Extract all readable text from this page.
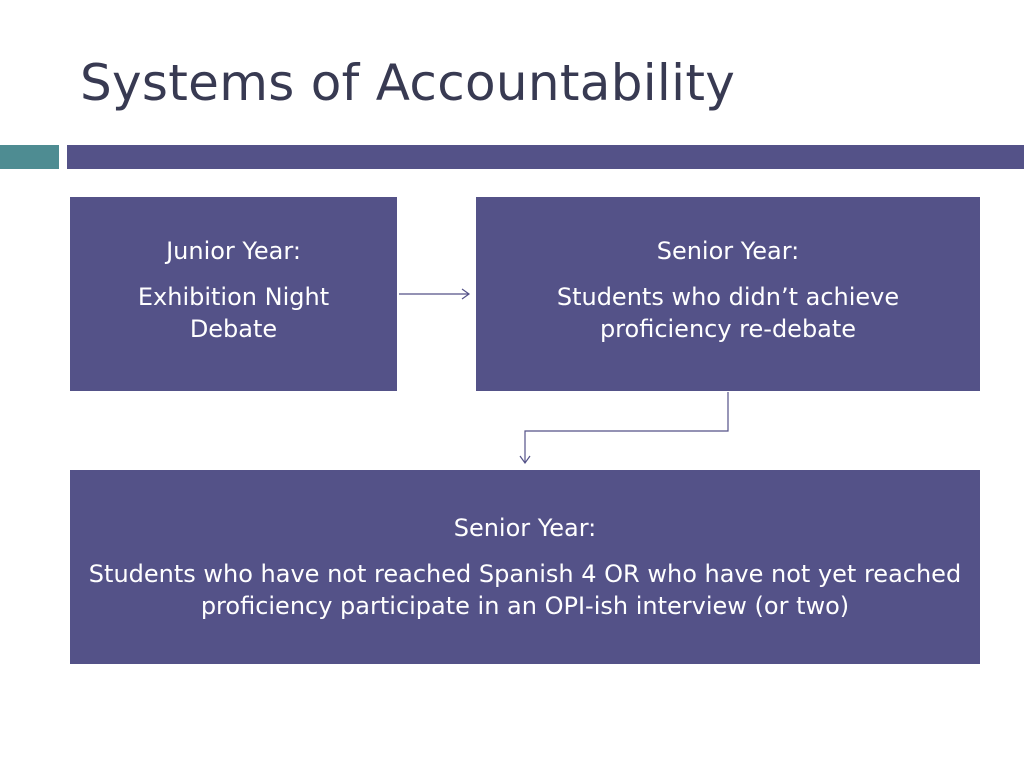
Systems of Accountability
Junior Year:
Exhibition Night Debate
Senior Year:
Students who didn’t achieve proficiency re-debate
Senior Year:
Students who have not reached Spanish 4 OR who have not yet reached proficiency participate in an OPI-ish interview (or two)
